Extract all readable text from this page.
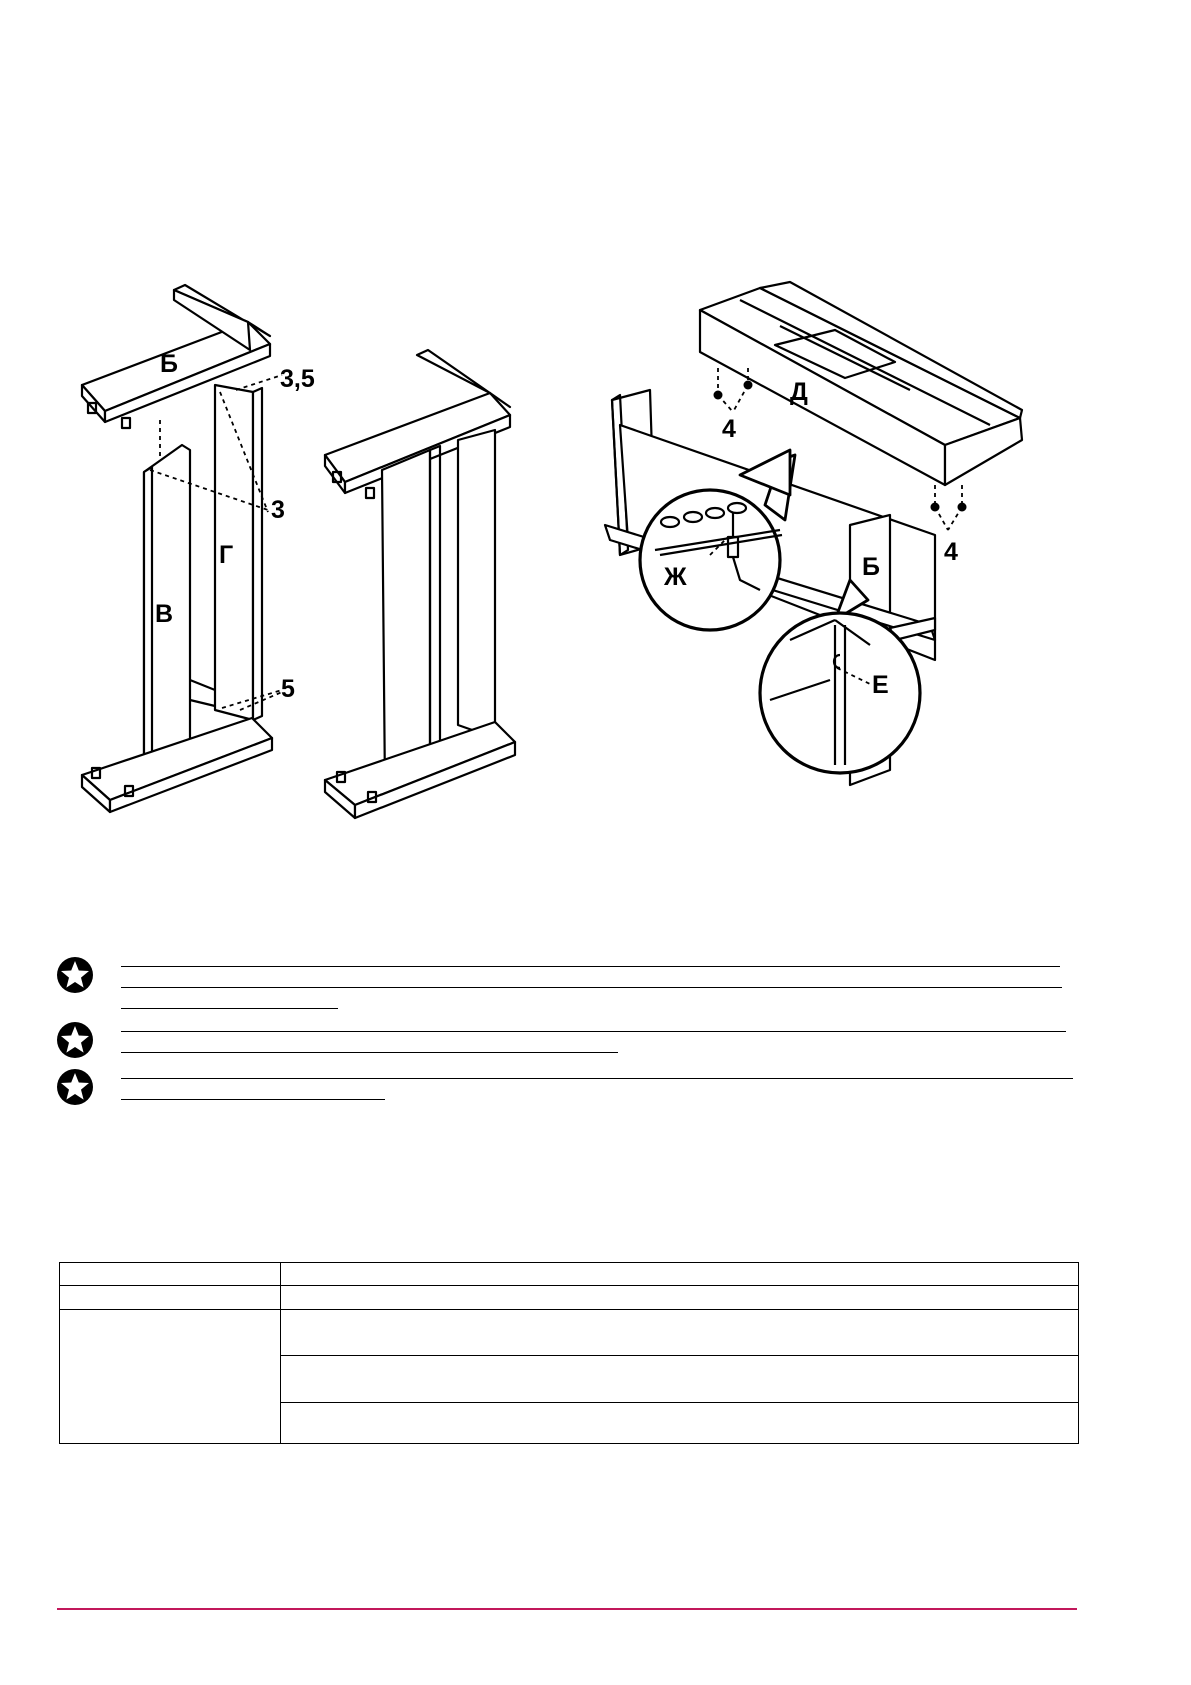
Б
3,5
3
Г
В
5
Д
4
4
Б
Ж
Е
